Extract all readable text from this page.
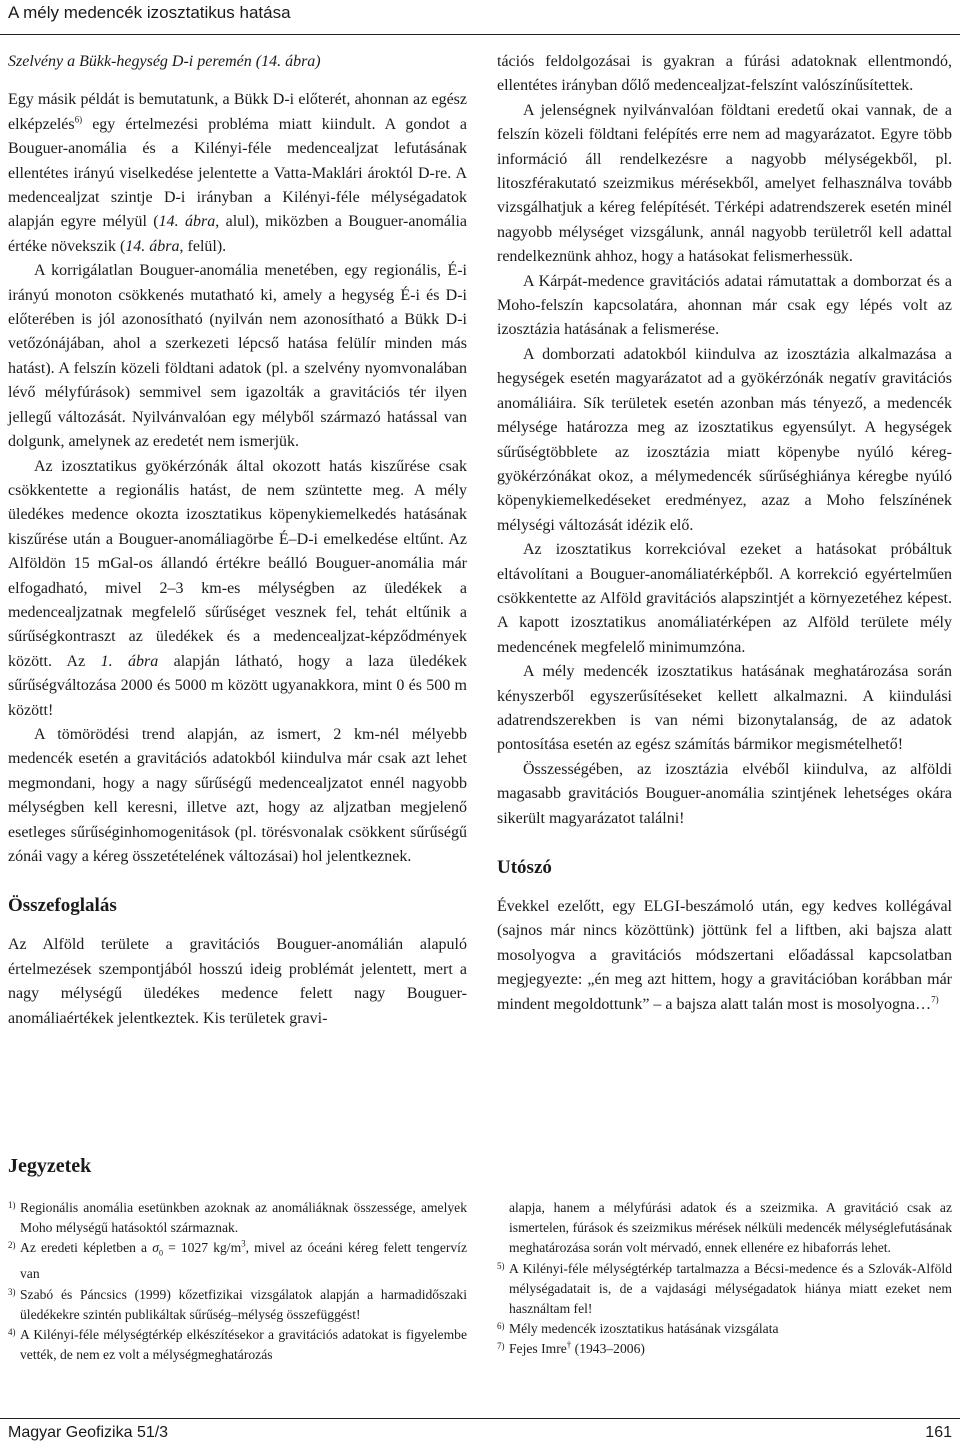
A mély medencék izosztatikus hatása

Szelvény a Bükk-hegység D-i peremén (14. ábra)

Egy másik példát is bemutatunk, a Bükk D-i előterét, ahonnan az egész elképzelés$^{6)}$ egy értelmezési probléma miatt kiindult. A gondot a Bouguer-anomália és a Kilényi-féle medencealjzat lefutásának ellentétes irányú viselkedése jelentette a Vatta-Maklári ároktól D-re. A medencealjzat szintje D-i irányban a Kilényi-féle mélységadatok alapján egyre mélyül (14. ábra, alul), miközben a Bouguer-anomália értéke növekszik (14. ábra, felül).

A korrigálatlan Bouguer-anomália menetében, egy regionális, É-i irányú monoton csökkenés mutatható ki, amely a hegység É-i és D-i előterében is jól azonosítható (nyilván nem azonosítható a Bükk D-i vetőzónájában, ahol a szerkezeti lépcső hatása felülír minden más hatást). A felszín közeli földtani adatok (pl. a szelvény nyomvonalában lévő mélyfúrások) semmivel sem igazolták a gravitációs tér ilyen jellegű változását. Nyilvánvalóan egy mélyből származó hatással van dolgunk, amelynek az eredetét nem ismerjük.

Az izosztatikus gyökérzónák által okozott hatás kiszűrése csak csökkentette a regionális hatást, de nem szüntette meg. A mély üledékes medence okozta izosztatikus köpenykiemelkedés hatásának kiszűrése után a Bouguer-anomáliagörbe É–D-i emelkedése eltűnt. Az Alföldön 15 mGal-os állandó értékre beálló Bouguer-anomália már elfogadható, mivel 2–3 km-es mélységben az üledékek a medencealjzatnak megfelelő sűrűséget vesznek fel, tehát eltűnik a sűrűségkontraszt az üledékek és a medencealjzat-képződmények között. Az 1. ábra alapján látható, hogy a laza üledékek sűrűségváltozása 2000 és 5000 m között ugyanakkora, mint 0 és 500 m között!

A tömörödési trend alapján, az ismert, 2 km-nél mélyebb medencék esetén a gravitációs adatokból kiindulva már csak azt lehet megmondani, hogy a nagy sűrűségű medencealjzatot ennél nagyobb mélységben kell keresni, illetve azt, hogy az aljzatban megjelenő esetleges sűrűséginhomogenitások (pl. törésvonalak csökkent sűrűségű zónái vagy a kéreg összetételének változásai) hol jelentkeznek.

Összefoglalás

Az Alföld területe a gravitációs Bouguer-anomálián alapuló értelmezések szempontjából hosszú ideig problémát jelentett, mert a nagy mélységű üledékes medence felett nagy Bouguer-anomáliaértékek jelentkeztek. Kis területek gravi-

tációs feldolgozásai is gyakran a fúrási adatoknak ellentmondó, ellentétes irányban dőlő medencealjzat-felszínt valószínűsítettek.

A jelenségnek nyilvánvalóan földtani eredetű okai vannak, de a felszín közeli földtani felépítés erre nem ad magyarázatot. Egyre több információ áll rendelkezésre a nagyobb mélységekből, pl. litoszférakutató szeizmikus mérésekből, amelyet felhasználva tovább vizsgálhatjuk a kéreg felépítését. Térképi adatrendszerek esetén minél nagyobb mélységet vizsgálunk, annál nagyobb területről kell adattal rendelkeznünk ahhoz, hogy a hatásokat felismerhessük.

A Kárpát-medence gravitációs adatai rámutattak a domborzat és a Moho-felszín kapcsolatára, ahonnan már csak egy lépés volt az izosztázia hatásának a felismerése.

A domborzati adatokból kiindulva az izosztázia alkalmazása a hegységek esetén magyarázatot ad a gyökérzónák negatív gravitációs anomáliáira. Sík területek esetén azonban más tényező, a medencék mélysége határozza meg az izosztatikus egyensúlyt. A hegységek sűrűségtöbblete az izosztázia miatt köpenybe nyúló kéreg-gyökérzónákat okoz, a mélymedencék sűrűséghiánya kéregbe nyúló köpenykiemelkedéseket eredményez, azaz a Moho felszínének mélységi változását idézik elő.

Az izosztatikus korrekcióval ezeket a hatásokat próbáltuk eltávolítani a Bouguer-anomáliatérképből. A korrekció egyértelműen csökkentette az Alföld gravitációs alapszintjét a környezetéhez képest. A kapott izosztatikus anomáliatérképen az Alföld területe mély medencének megfelelő minimumzóna.

A mély medencék izosztatikus hatásának meghatározása során kényszerből egyszerűsítéseket kellett alkalmazni. A kiindulási adatrendszerekben is van némi bizonytalanság, de az adatok pontosítása esetén az egész számítás bármikor megismételhető!

Összességében, az izosztázia elvéből kiindulva, az alföldi magasabb gravitációs Bouguer-anomália szintjének lehetséges okára sikerült magyarázatot találni!

Utószó

Évekkel ezelőtt, egy ELGI-beszámoló után, egy kedves kollégával (sajnos már nincs közöttünk) jöttünk fel a liftben, aki bajsza alatt mosolyogva a gravitációs módszertani előadással kapcsolatban megjegyezte: „én meg azt hittem, hogy a gravitációban korábban már mindent megoldottunk” – a bajsza alatt talán most is mosolyogna…$^{7)}$

Jegyzetek
1) Regionális anomália esetünkben azoknak az anomáliáknak összessége, amelyek Moho mélységű hatásoktól származnak.
2) Az eredeti képletben a $\sigma_0 = 1027$ $kg/m^3$, mivel az óceáni kéreg felett tengervíz van
3) Szabó és Páncsics (1999) kőzetfizikai vizsgálatok alapján a harmadidőszaki üledékekre szintén publikáltak sűrűség–mélység összefüggést!
4) A Kilényi-féle mélységtérkép elkészítésekor a gravitációs adatokat is figyelembe vették, de nem ez volt a mélységmeghatározás
alapja, hanem a mélyfúrási adatok és a szeizmika. A gravitáció csak az ismertelen, fúrások és szeizmikus mérések nélküli medencék mélységlefutásának meghatározása során volt mérvadó, ennek ellenére ez hibaforrás lehet.
5) A Kilényi-féle mélységtérkép tartalmazza a Bécsi-medence és a Szlovák-Alföld mélységadatait is, de a vajdasági mélységadatok hiánya miatt ezeket nem használtam fel!
6) Mély medencék izosztatikus hatásának vizsgálata
7) Fejes Imre† (1943–2006)
Magyar Geofizika 51/3	161
